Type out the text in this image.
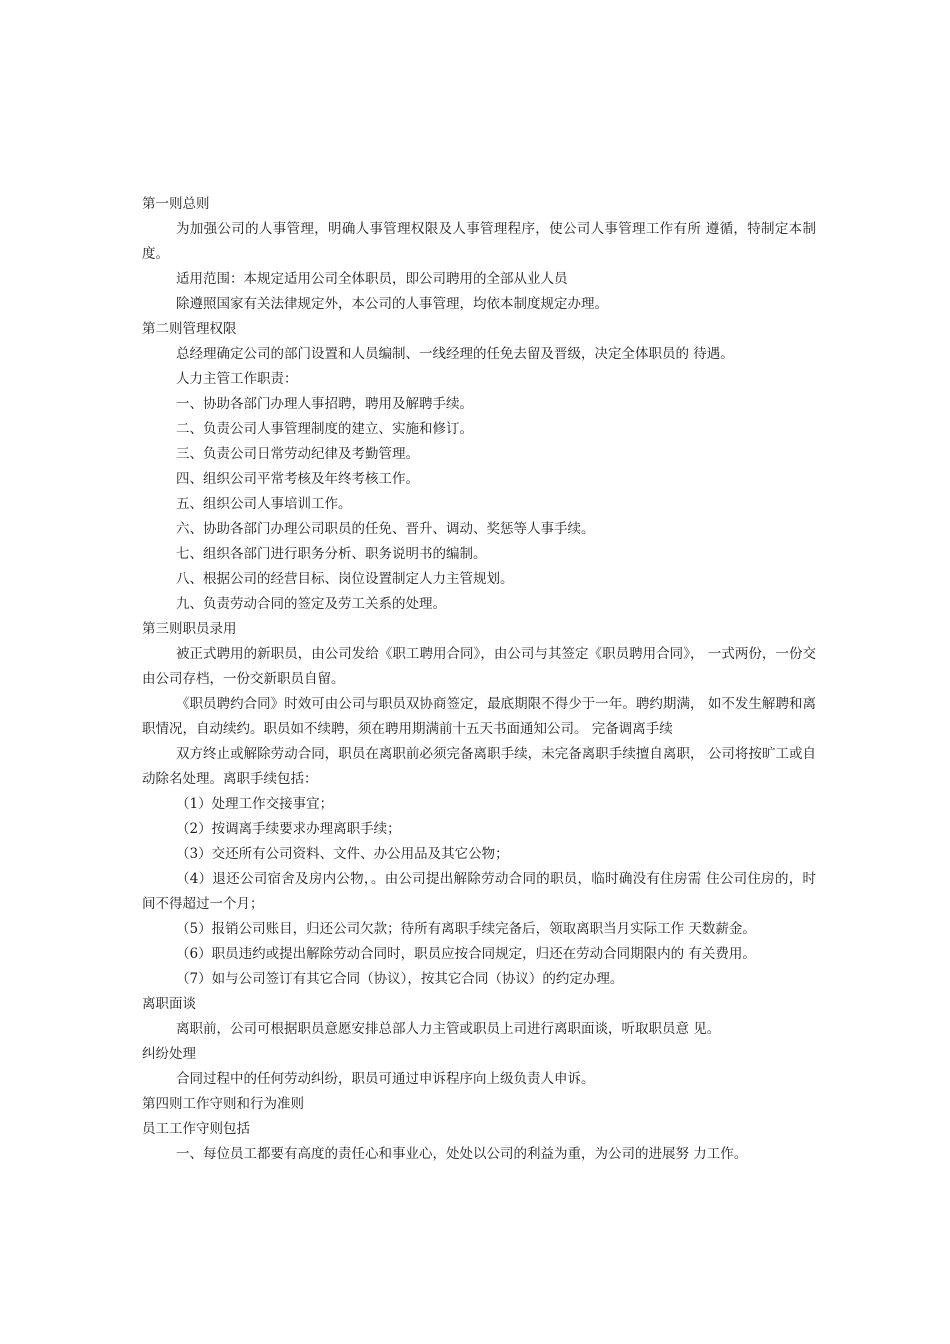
第一则总则

为加强公司的人事管理，明确人事管理权限及人事管理程序，使公司人事管理工作有所 遵循，特制定本制度。

适用范围：本规定适用公司全体职员，即公司聘用的全部从业人员

除遵照国家有关法律规定外，本公司的人事管理，均依本制度规定办理。

第二则管理权限

总经理确定公司的部门设置和人员编制、一线经理的任免去留及晋级，决定全体职员的 待遇。

人力主管工作职责：

一、协助各部门办理人事招聘，聘用及解聘手续。

二、负责公司人事管理制度的建立、实施和修订。

三、负责公司日常劳动纪律及考勤管理。

四、组织公司平常考核及年终考核工作。

五、组织公司人事培训工作。

六、协助各部门办理公司职员的任免、晋升、调动、奖惩等人事手续。

七、组织各部门进行职务分析、职务说明书的编制。

八、根据公司的经营目标、岗位设置制定人力主管规划。

九、负责劳动合同的签定及劳工关系的处理。

第三则职员录用

被正式聘用的新职员，由公司发给《职工聘用合同》，由公司与其签定《职员聘用合同》， 一式两份，一份交由公司存档，一份交新职员自留。

《职员聘约合同》时效可由公司与职员双协商签定，最底期限不得少于一年。聘约期满， 如不发生解聘和离职情况，自动续约。职员如不续聘，须在聘用期满前十五天书面通知公司。 完备调离手续

双方终止或解除劳动合同，职员在离职前必须完备离职手续，未完备离职手续擅自离职， 公司将按旷工或自动除名处理。离职手续包括：

（1）处理工作交接事宜；

（2）按调离手续要求办理离职手续；

（3）交还所有公司资料、文件、办公用品及其它公物；

（4）退还公司宿舍及房内公物，。由公司提出解除劳动合同的职员，临时确没有住房需 住公司住房的，时间不得超过一个月；

（5）报销公司账目，归还公司欠款；待所有离职手续完备后，领取离职当月实际工作 天数薪金。

（6）职员违约或提出解除劳动合同时，职员应按合同规定，归还在劳动合同期限内的 有关费用。

（7）如与公司签订有其它合同（协议），按其它合同（协议）的约定办理。

离职面谈

离职前，公司可根据职员意愿安排总部人力主管或职员上司进行离职面谈，听取职员意 见。

纠纷处理

合同过程中的任何劳动纠纷，职员可通过申诉程序向上级负责人申诉。

第四则工作守则和行为准则

员工工作守则包括

一、每位员工都要有高度的责任心和事业心，处处以公司的利益为重，为公司的进展努 力工作。
